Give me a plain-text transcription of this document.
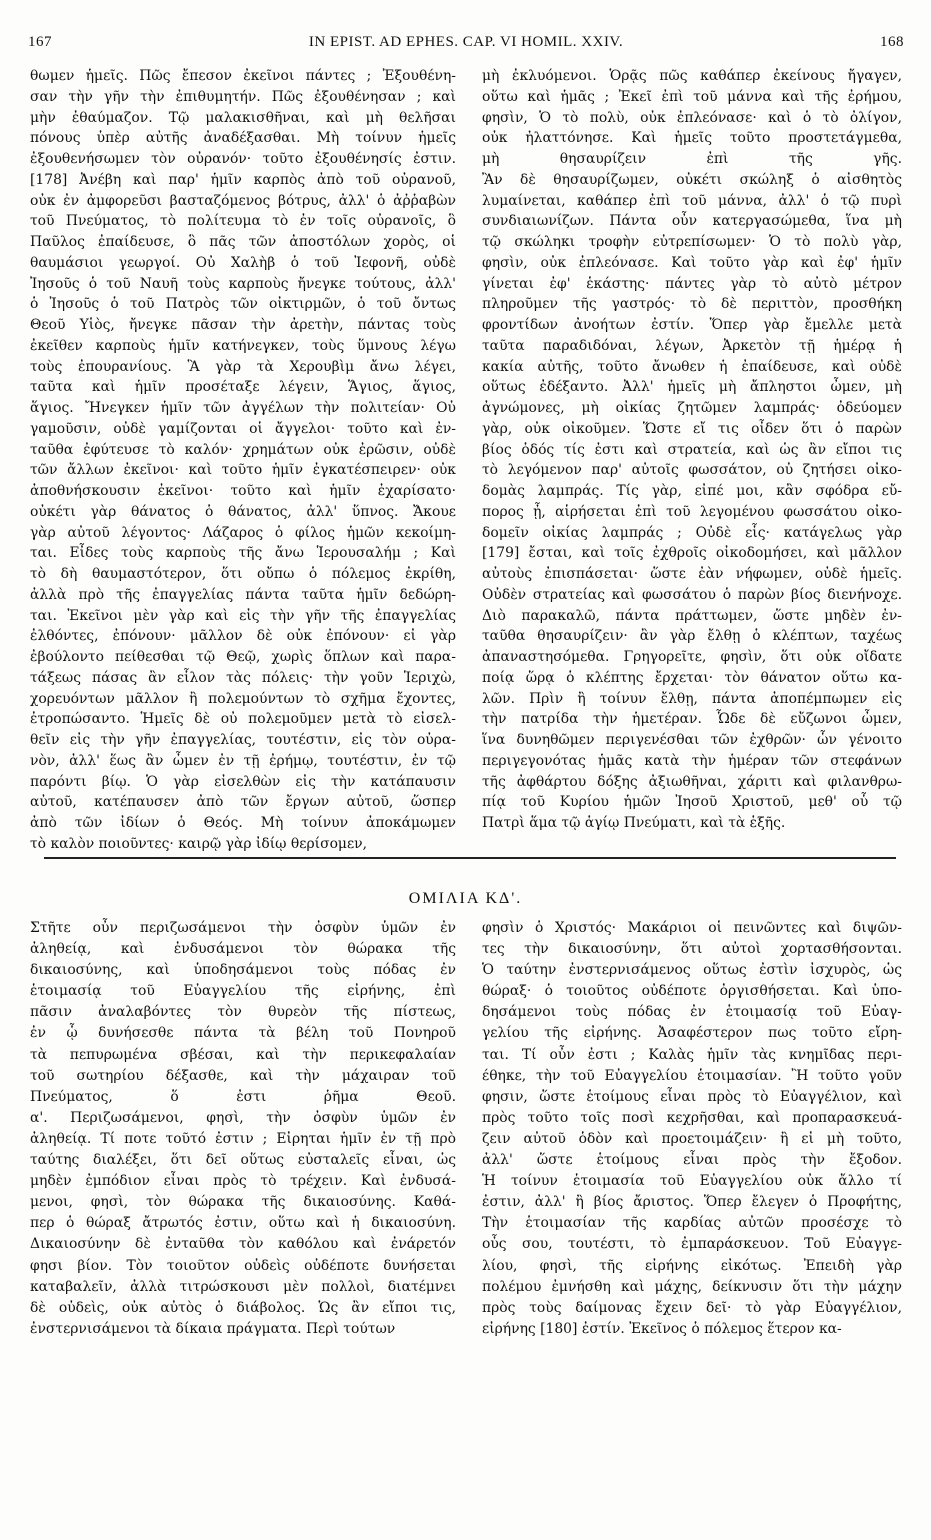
167	IN EPIST. AD EPHES. CAP. VI HOMIL. XXIV.	168
θωμεν ἡμεῖς. Πῶς ἔπεσον ἐκεῖνοι πάντες ; Ἐξουθένη-
σαν τὴν γῆν τὴν ἐπιθυμητήν. Πῶς ἐξουθένησαν ; καὶ
μὴν ἐθαύμαζον. Τῷ μαλακισθῆναι, καὶ μὴ θελῆσαι
πόνους ὑπὲρ αὐτῆς ἀναδέξασθαι. Μὴ τοίνυν ἡμεῖς
ἐξουθενήσωμεν τὸν οὐρανόν· τοῦτο ἐξουθένησίς ἐστιν.
[178] Ἀνέβη καὶ παρ' ἡμῖν καρπὸς ἀπὸ τοῦ οὐρανοῦ,
οὐκ ἐν ἀμφορεῦσι βασταζόμενος βότρυς, ἀλλ' ὁ ἀῤῥαβὼν
τοῦ Πνεύματος, τὸ πολίτευμα τὸ ἐν τοῖς οὐρανοῖς, ὃ
Παῦλος ἐπαίδευσε, ὃ πᾶς τῶν ἀποστόλων χορὸς, οἱ
θαυμάσιοι γεωργοί. Οὐ Χαλὴβ ὁ τοῦ Ἰεφονῆ, οὐδὲ
Ἰησοῦς ὁ τοῦ Ναυῆ τοὺς καρποὺς ἤνεγκε τούτους, ἀλλ'
ὁ Ἰησοῦς ὁ τοῦ Πατρὸς τῶν οἰκτιρμῶν, ὁ τοῦ ὄντως
Θεοῦ Υἱὸς, ἤνεγκε πᾶσαν τὴν ἀρετὴν, πάντας τοὺς
ἐκεῖθεν καρποὺς ἡμῖν κατήνεγκεν, τοὺς ὕμνους λέγω
τοὺς ἐπουρανίους. Ἃ γὰρ τὰ Χερουβὶμ ἄνω λέγει,
ταῦτα καὶ ἡμῖν προσέταξε λέγειν, Ἅγιος, ἅγιος,
ἅγιος. Ἤνεγκεν ἡμῖν τῶν ἀγγέλων τὴν πολιτείαν· Οὐ
γαμοῦσιν, οὐδὲ γαμίζονται οἱ ἄγγελοι· τοῦτο καὶ ἐν-
ταῦθα ἐφύτευσε τὸ καλόν· χρημάτων οὐκ ἐρῶσιν, οὐδὲ
τῶν ἄλλων ἐκεῖνοι· καὶ τοῦτο ἡμῖν ἐγκατέσπειρεν· οὐκ
ἀποθνήσκουσιν ἐκεῖνοι· τοῦτο καὶ ἡμῖν ἐχαρίσατο·
οὐκέτι γὰρ θάνατος ὁ θάνατος, ἀλλ' ὕπνος. Ἄκουε
γὰρ αὐτοῦ λέγοντος· Λάζαρος ὁ φίλος ἡμῶν κεκοίμη-
ται. Εἶδες τοὺς καρποὺς τῆς ἄνω Ἱερουσαλήμ ; Καὶ
τὸ δὴ θαυμαστότερον, ὅτι οὔπω ὁ πόλεμος ἐκρίθη,
ἀλλὰ πρὸ τῆς ἐπαγγελίας πάντα ταῦτα ἡμῖν δεδώρη-
ται. Ἐκεῖνοι μὲν γὰρ καὶ εἰς τὴν γῆν τῆς ἐπαγγελίας
ἐλθόντες, ἐπόνουν· μᾶλλον δὲ οὐκ ἐπόνουν· εἰ γὰρ
ἐβούλοντο πείθεσθαι τῷ Θεῷ, χωρὶς ὅπλων καὶ παρα-
τάξεως πάσας ἂν εἷλον τὰς πόλεις· τὴν γοῦν Ἱεριχὼ,
χορευόντων μᾶλλον ἢ πολεμούντων τὸ σχῆμα ἔχοντες,
ἐτροπώσαντο. Ἡμεῖς δὲ οὐ πολεμοῦμεν μετὰ τὸ εἰσελ-
θεῖν εἰς τὴν γῆν ἐπαγγελίας, τουτέστιν, εἰς τὸν οὐρα-
νὸν, ἀλλ' ἕως ἂν ὦμεν ἐν τῇ ἐρήμῳ, τουτέστιν, ἐν τῷ
παρόντι βίῳ. Ὁ γὰρ εἰσελθὼν εἰς τὴν κατάπαυσιν
αὐτοῦ, κατέπαυσεν ἀπὸ τῶν ἔργων αὐτοῦ, ὥσπερ
ἀπὸ τῶν ἰδίων ὁ Θεός. Μὴ τοίνυν ἀποκάμωμεν
τὸ καλὸν ποιοῦντες· καιρῷ γὰρ ἰδίῳ θερίσομεν,
μὴ ἐκλυόμενοι. Ὁρᾷς πῶς καθάπερ ἐκείνους ἤγαγεν,
οὕτω καὶ ἡμᾶς ; Ἐκεῖ ἐπὶ τοῦ μάννα καὶ τῆς ἐρήμου,
φησὶν, Ὁ τὸ πολὺ, οὐκ ἐπλεόνασε· καὶ ὁ τὸ ὀλίγον,
οὐκ ἠλαττόνησε. Καὶ ἡμεῖς τοῦτο προστετάγμεθα,
μὴ θησαυρίζειν ἐπὶ τῆς γῆς.
Ἂν δὲ θησαυρίζωμεν, οὐκέτι σκώληξ ὁ αἰσθητὸς
λυμαίνεται, καθάπερ ἐπὶ τοῦ μάννα, ἀλλ' ὁ τῷ πυρὶ
συνδιαιωνίζων. Πάντα οὖν κατεργασώμεθα, ἵνα μὴ
τῷ σκώληκι τροφὴν εὐτρεπίσωμεν· Ὁ τὸ πολὺ γὰρ,
φησὶν, οὐκ ἐπλεόνασε. Καὶ τοῦτο γὰρ καὶ ἐφ' ἡμῖν
γίνεται ἐφ' ἑκάστης· πάντες γὰρ τὸ αὐτὸ μέτρον
πληροῦμεν τῆς γαστρός· τὸ δὲ περιττὸν, προσθήκη
φροντίδων ἀνοήτων ἐστίν. Ὅπερ γὰρ ἔμελλε μετὰ
ταῦτα παραδιδόναι, λέγων, Ἀρκετὸν τῇ ἡμέρᾳ ἡ
κακία αὐτῆς, τοῦτο ἄνωθεν ἡ ἐπαίδευσε, καὶ οὐδὲ
οὕτως ἐδέξαντο. Ἀλλ' ἡμεῖς μὴ ἄπληστοι ὦμεν, μὴ
ἀγνώμονες, μὴ οἰκίας ζητῶμεν λαμπράς· ὀδεύομεν
γὰρ, οὐκ οἰκοῦμεν. Ὥστε εἴ τις οἶδεν ὅτι ὁ παρὼν
βίος ὁδός τίς ἐστι καὶ στρατεία, καὶ ὡς ἂν εἴποι τις
τὸ λεγόμενον παρ' αὐτοῖς φωσσάτον, οὐ ζητήσει οἰκο-
δομὰς λαμπράς. Τίς γὰρ, εἰπέ μοι, κἂν σφόδρα εὔ-
πορος ᾖ, αἱρήσεται ἐπὶ τοῦ λεγομένου φωσσάτου οἰκο-
δομεῖν οἰκίας λαμπράς ; Οὐδὲ εἷς· κατάγελως γὰρ
[179] ἔσται, καὶ τοῖς ἐχθροῖς οἰκοδομήσει, καὶ μᾶλλον
αὐτοὺς ἐπισπάσεται· ὥστε ἐὰν νήφωμεν, οὐδὲ ἡμεῖς.
Οὐδὲν στρατείας καὶ φωσσάτου ὁ παρὼν βίος διενήνοχε.
Διὸ παρακαλῶ, πάντα πράττωμεν, ὥστε μηδὲν ἐν-
ταῦθα θησαυρίζειν· ἂν γὰρ ἔλθῃ ὁ κλέπτων, ταχέως
ἀπαναστησόμεθα. Γρηγορεῖτε, φησὶν, ὅτι οὐκ οἴδατε
ποίᾳ ὥρᾳ ὁ κλέπτης ἔρχεται· τὸν θάνατον οὕτω κα-
λῶν. Πρὶν ἢ τοίνυν ἔλθῃ, πάντα ἀποπέμπωμεν εἰς
τὴν πατρίδα τὴν ἡμετέραν. Ὧδε δὲ εὔζωνοι ὦμεν,
ἵνα δυνηθῶμεν περιγενέσθαι τῶν ἐχθρῶν· ὧν γένοιτο
περιγεγονότας ἡμᾶς κατὰ τὴν ἡμέραν τῶν στεφάνων
τῆς ἀφθάρτου δόξης ἀξιωθῆναι, χάριτι καὶ φιλανθρω-
πίᾳ τοῦ Κυρίου ἡμῶν Ἰησοῦ Χριστοῦ, μεθ' οὗ τῷ
Πατρὶ ἅμα τῷ ἁγίῳ Πνεύματι, καὶ τὰ ἑξῆς.
ΟΜΙΛΙΑ ΚΔ'.
Στῆτε οὖν περιζωσάμενοι τὴν ὀσφὺν ὑμῶν ἐν
ἀληθείᾳ, καὶ ἐνδυσάμενοι τὸν θώρακα τῆς
δικαιοσύνης, καὶ ὑποδησάμενοι τοὺς πόδας ἐν
ἑτοιμασίᾳ τοῦ Εὐαγγελίου τῆς εἰρήνης, ἐπὶ
πᾶσιν ἀναλαβόντες τὸν θυρεὸν τῆς πίστεως,
ἐν ᾧ δυνήσεσθε πάντα τὰ βέλη τοῦ Πονηροῦ
τὰ πεπυρωμένα σβέσαι, καὶ τὴν περικεφαλαίαν
τοῦ σωτηρίου δέξασθε, καὶ τὴν μάχαιραν τοῦ
Πνεύματος, ὅ ἐστι ῥῆμα Θεοῦ.
α'. Περιζωσάμενοι, φησὶ, τὴν ὀσφὺν ὑμῶν ἐν
ἀληθείᾳ. Τί ποτε τοῦτό ἐστιν ; Εἰρηται ἡμῖν ἐν τῇ πρὸ
ταύτης διαλέξει, ὅτι δεῖ οὕτως εὐσταλεῖς εἶναι, ὡς
μηδὲν ἐμπόδιον εἶναι πρὸς τὸ τρέχειν. Καὶ ἐνδυσά-
μενοι, φησὶ, τὸν θώρακα τῆς δικαιοσύνης. Καθά-
περ ὁ θώραξ ἄτρωτός ἐστιν, οὕτω καὶ ἡ δικαιοσύνη.
Δικαιοσύνην δὲ ἐνταῦθα τὸν καθόλου καὶ ἐνάρετόν
φησι βίον. Τὸν τοιοῦτον οὐδεὶς οὐδέποτε δυνήσεται
καταβαλεῖν, ἀλλὰ τιτρώσκουσι μὲν πολλοὶ, διατέμνει
δὲ οὐδεὶς, οὐκ αὐτὸς ὁ διάβολος. Ὡς ἂν εἴποι τις,
ἐνστερνισάμενοι τὰ δίκαια πράγματα. Περὶ τούτων
φησὶν ὁ Χριστός· Μακάριοι οἱ πεινῶντες καὶ διψῶν-
τες τὴν δικαιοσύνην, ὅτι αὐτοὶ χορτασθήσονται.
Ὁ ταύτην ἐνστερνισάμενος οὕτως ἐστὶν ἰσχυρὸς, ὡς
θώραξ· ὁ τοιοῦτος οὐδέποτε ὀργισθήσεται. Καὶ ὑπο-
δησάμενοι τοὺς πόδας ἐν ἑτοιμασίᾳ τοῦ Εὐαγ-
γελίου τῆς εἰρήνης. Ἀσαφέστερον πως τοῦτο εἴρη-
ται. Τί οὖν ἐστι ; Καλὰς ἡμῖν τὰς κνημῖδας περι-
έθηκε, τὴν τοῦ Εὐαγγελίου ἑτοιμασίαν. Ἢ τοῦτο γοῦν
φησιν, ὥστε ἑτοίμους εἶναι πρὸς τὸ Εὐαγγέλιον, καὶ
πρὸς τοῦτο τοῖς ποσὶ κεχρῆσθαι, καὶ προπαρασκευά-
ζειν αὐτοῦ ὁδὸν καὶ προετοιμάζειν· ἢ εἰ μὴ τοῦτο,
ἀλλ' ὥστε ἑτοίμους εἶναι πρὸς τὴν ἔξοδον.
Ἡ τοίνυν ἑτοιμασία τοῦ Εὐαγγελίου οὐκ ἄλλο τί
ἐστιν, ἀλλ' ἢ βίος ἄριστος. Ὅπερ ἔλεγεν ὁ Προφήτης,
Τὴν ἑτοιμασίαν τῆς καρδίας αὐτῶν προσέσχε τὸ
οὖς σου, τουτέστι, τὸ ἐμπαράσκευον. Τοῦ Εὐαγγε-
λίου, φησὶ, τῆς εἰρήνης εἰκότως. Ἐπειδὴ γὰρ
πολέμου ἐμνήσθη καὶ μάχης, δείκνυσιν ὅτι τὴν μάχην
πρὸς τοὺς δαίμονας ἔχειν δεῖ· τὸ γὰρ Εὐαγγέλιον,
εἰρήνης [180] ἐστίν. Ἐκεῖνος ὁ πόλεμος ἕτερον κα-
